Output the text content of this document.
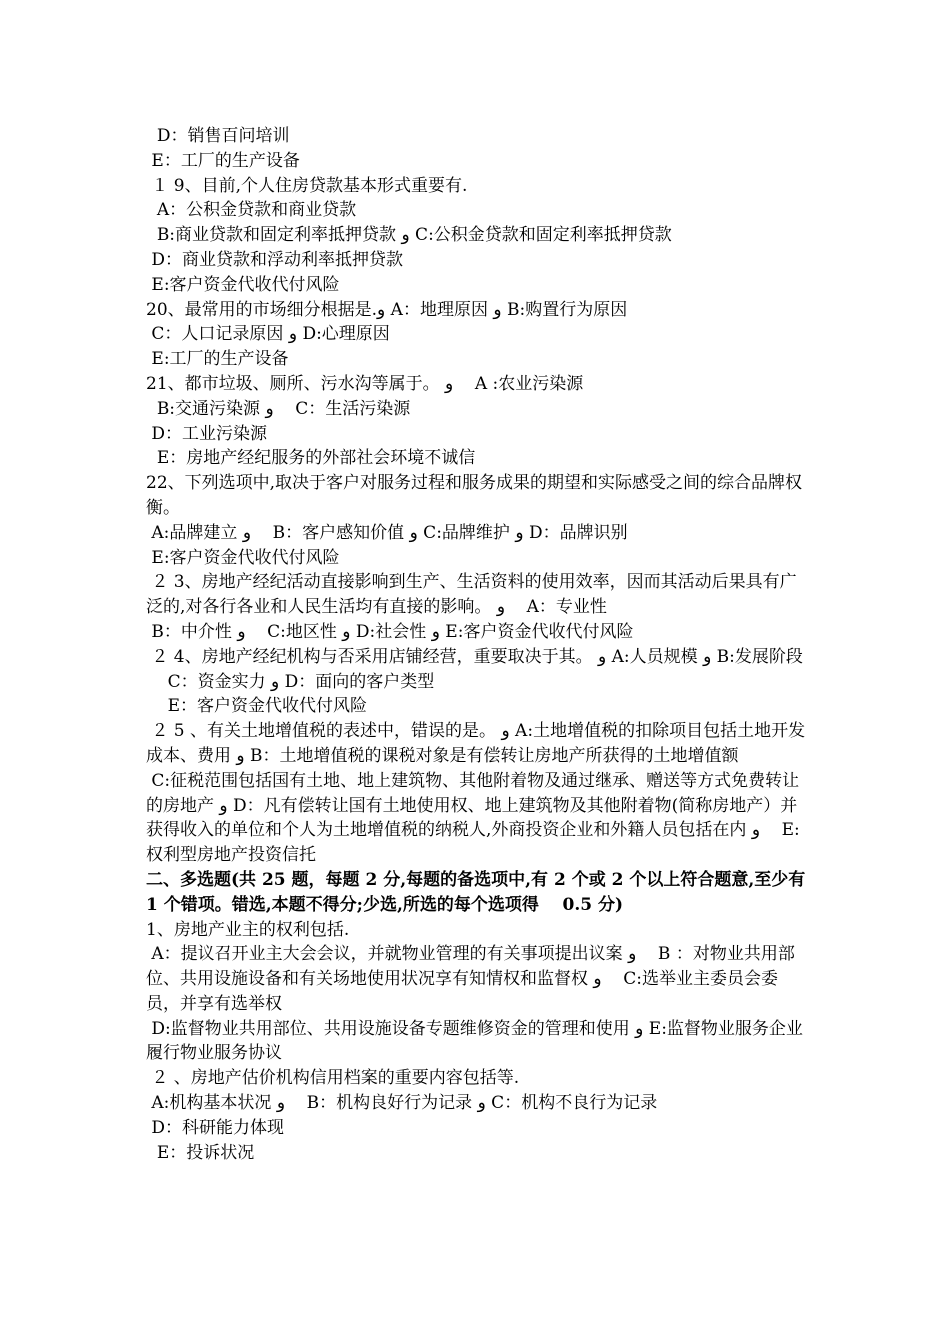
D：销售百问培训
E：工厂的生产设备
１ 9、目前,个人住房贷款基本形式重要有.
A：公积金贷款和商业贷款
B:商业贷款和固定利率抵押贷款 و C:公积金贷款和固定利率抵押贷款
D：商业贷款和浮动利率抵押贷款
E:客户资金代收代付风险
20、最常用的市场细分根据是.و A：地理原因 و B:购置行为原因
C：人口记录原因 و D:心理原因
E:工厂的生产设备
21、都市垃圾、厕所、污水沟等属于。 و    A :农业污染源
B:交通污染源 و    C：生活污染源
D：工业污染源
E：房地产经纪服务的外部社会环境不诚信
22、下列选项中,取决于客户对服务过程和服务成果的期望和实际感受之间的综合品牌权衡。
A:品牌建立 و    B：客户感知价值 و C:品牌维护 و D：品牌识别
E:客户资金代收代付风险
２ 3、房地产经纪活动直接影响到生产、生活资料的使用效率，因而其活动后果具有广泛的,对各行各业和人民生活均有直接的影响。 و    A：专业性
B：中介性 و    C:地区性 و D:社会性 و E:客户资金代收代付风险
２ 4、房地产经纪机构与否采用店铺经营，重要取决于其。 و A:人员规模 و B:发展阶段
C：资金实力 و D：面向的客户类型
E：客户资金代收代付风险
２ 5 、有关土地增值税的表述中，错误的是。 و A:土地增值税的扣除项目包括土地开发成本、费用 و B：土地增值税的课税对象是有偿转让房地产所获得的土地增值额
C:征税范围包括国有土地、地上建筑物、其他附着物及通过继承、赠送等方式免费转让的房地产 و D：凡有偿转让国有土地使用权、地上建筑物及其他附着物(简称房地产）并获得收入的单位和个人为土地增值税的纳税人,外商投资企业和外籍人员包括在内 و    E:权利型房地产投资信托
二、多选题(共 25 题，每题 2 分,每题的备选项中,有 2 个或 2 个以上符合题意,至少有 1 个错项。错选,本题不得分;少选,所选的每个选项得    0.5 分)
1、房地产业主的权利包括.
A：提议召开业主大会会议，并就物业管理的有关事项提出议案 و    B ：对物业共用部位、共用设施设备和有关场地使用状况享有知情权和监督权 و    C:选举业主委员会委员，并享有选举权
D:监督物业共用部位、共用设施设备专题维修资金的管理和使用 و E:监督物业服务企业履行物业服务协议
２ 、房地产估价机构信用档案的重要内容包括等.
A:机构基本状况 و    B：机构良好行为记录 و C：机构不良行为记录
D：科研能力体现
E：投诉状况
